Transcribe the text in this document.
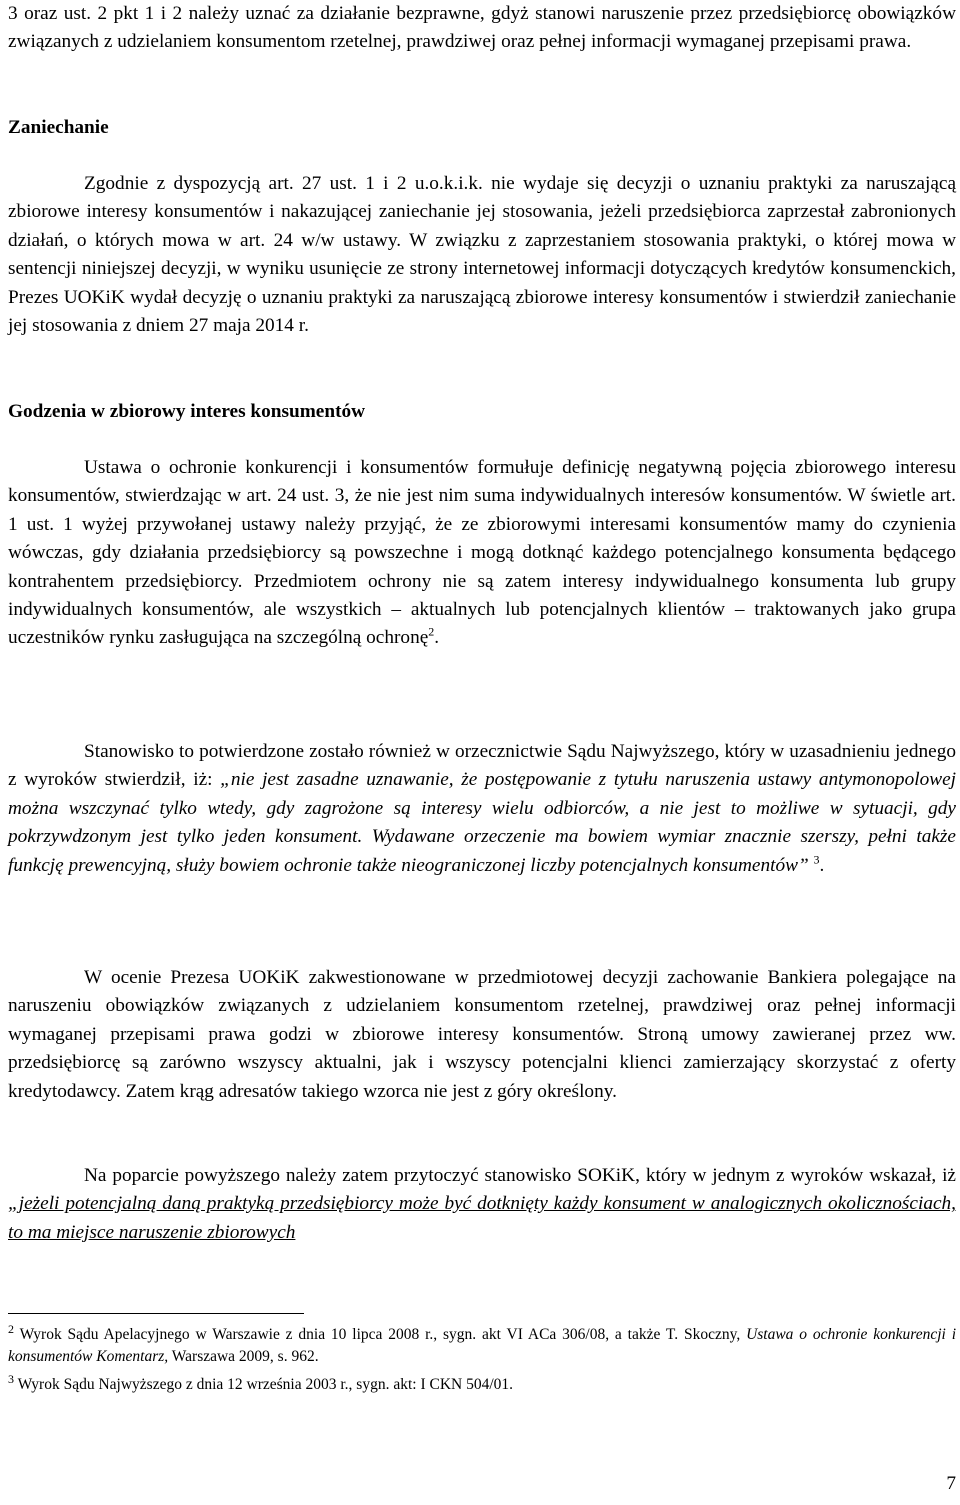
3 oraz ust. 2 pkt 1 i 2 należy uznać za działanie bezprawne, gdyż stanowi naruszenie przez przedsiębiorcę obowiązków związanych z udzielaniem konsumentom rzetelnej, prawdziwej oraz pełnej informacji wymaganej przepisami prawa.

Zaniechanie

Zgodnie z dyspozycją art. 27 ust. 1 i 2 u.o.k.i.k. nie wydaje się decyzji o uznaniu praktyki za naruszającą zbiorowe interesy konsumentów i nakazującej zaniechanie jej stosowania, jeżeli przedsiębiorca zaprzestał zabronionych działań, o których mowa w art. 24 w/w ustawy. W związku z zaprzestaniem stosowania praktyki, o której mowa w sentencji niniejszej decyzji, w wyniku usunięcie ze strony internetowej informacji dotyczących kredytów konsumenckich, Prezes UOKiK wydał decyzję o uznaniu praktyki za naruszającą zbiorowe interesy konsumentów i stwierdził zaniechanie jej stosowania z dniem 27 maja 2014 r.

Godzenia w zbiorowy interes konsumentów

Ustawa o ochronie konkurencji i konsumentów formułuje definicję negatywną pojęcia zbiorowego interesu konsumentów, stwierdzając w art. 24 ust. 3, że nie jest nim suma indywidualnych interesów konsumentów. W świetle art. 1 ust. 1 wyżej przywołanej ustawy należy przyjąć, że ze zbiorowymi interesami konsumentów mamy do czynienia wówczas, gdy działania przedsiębiorcy są powszechne i mogą dotknąć każdego potencjalnego konsumenta będącego kontrahentem przedsiębiorcy. Przedmiotem ochrony nie są zatem interesy indywidualnego konsumenta lub grupy indywidualnych konsumentów, ale wszystkich – aktualnych lub potencjalnych klientów – traktowanych jako grupa uczestników rynku zasługująca na szczególną ochronę$^2$.

Stanowisko to potwierdzone zostało również w orzecznictwie Sądu Najwyższego, który w uzasadnieniu jednego z wyroków stwierdził, iż: „nie jest zasadne uznawanie, że postępowanie z tytułu naruszenia ustawy antymonopolowej można wszczynać tylko wtedy, gdy zagrożone są interesy wielu odbiorców, a nie jest to możliwe w sytuacji, gdy pokrzywdzonym jest tylko jeden konsument. Wydawane orzeczenie ma bowiem wymiar znacznie szerszy, pełni także funkcję prewencyjną, służy bowiem ochronie także nieograniczonej liczby potencjalnych konsumentów” $^3$.

W ocenie Prezesa UOKiK zakwestionowane w przedmiotowej decyzji zachowanie Bankiera polegające na naruszeniu obowiązków związanych z udzielaniem konsumentom rzetelnej, prawdziwej oraz pełnej informacji wymaganej przepisami prawa godzi w zbiorowe interesy konsumentów. Stroną umowy zawieranej przez ww. przedsiębiorcę są zarówno wszyscy aktualni, jak i wszyscy potencjalni klienci zamierzający skorzystać z oferty kredytodawcy. Zatem krąg adresatów takiego wzorca nie jest z góry określony.

Na poparcie powyższego należy zatem przytoczyć stanowisko SOKiK, który w jednym z wyroków wskazał, iż „jeżeli potencjalną daną praktyką przedsiębiorcy może być dotknięty każdy konsument w analogicznych okolicznościach, to ma miejsce naruszenie zbiorowych

$^2$ Wyrok Sądu Apelacyjnego w Warszawie z dnia 10 lipca 2008 r., sygn. akt VI ACa 306/08, a także T. Skoczny, Ustawa o ochronie konkurencji i konsumentów Komentarz, Warszawa 2009, s. 962.

$^3$ Wyrok Sądu Najwyższego z dnia 12 września 2003 r., sygn. akt: I CKN 504/01.

7
